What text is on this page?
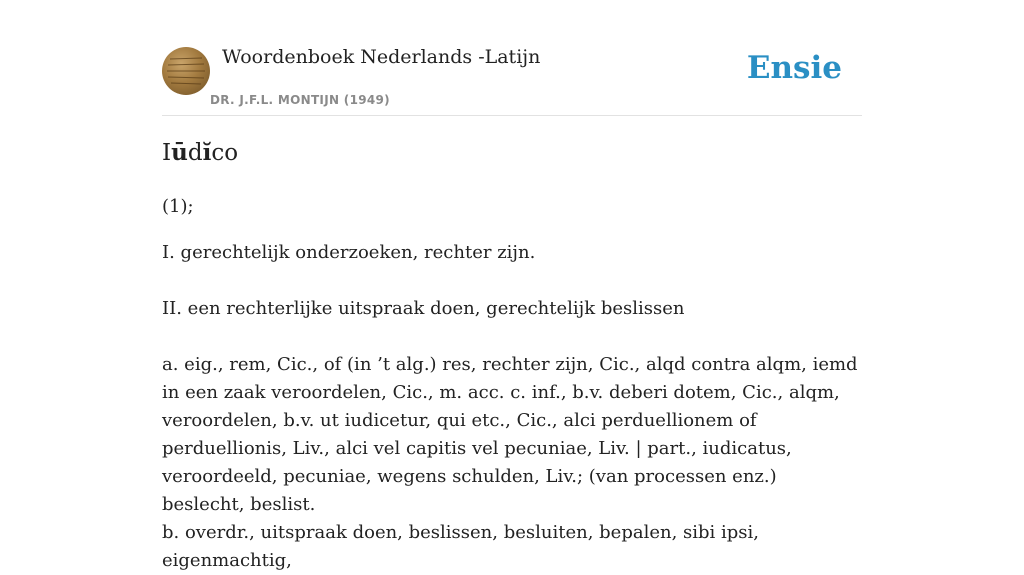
Woordenboek Nederlands -Latijn
DR. J.F.L. MONTIJN (1949)
Ensie
Iūdĭco

(1);

I. gerechtelijk onderzoeken, rechter zijn.

II. een rechterlijke uitspraak doen, gerechtelijk beslissen

a. eig., rem, Cic., of (in ’t alg.) res, rechter zijn, Cic., alqd contra alqm, iemd in een zaak veroordelen, Cic., m. acc. c. inf., b.v. deberi dotem, Cic., alqm, veroordelen, b.v. ut iudicetur, qui etc., Cic., alci perduellionem of perduellionis, Liv., alci vel capitis vel pecuniae, Liv. | part., iudicatus, veroordeeld, pecuniae, wegens schulden, Liv.; (van processen enz.) beslecht, beslist.

b. overdr., uitspraak doen, beslissen, besluiten, bepalen, sibi ipsi, eigenmachtig,
